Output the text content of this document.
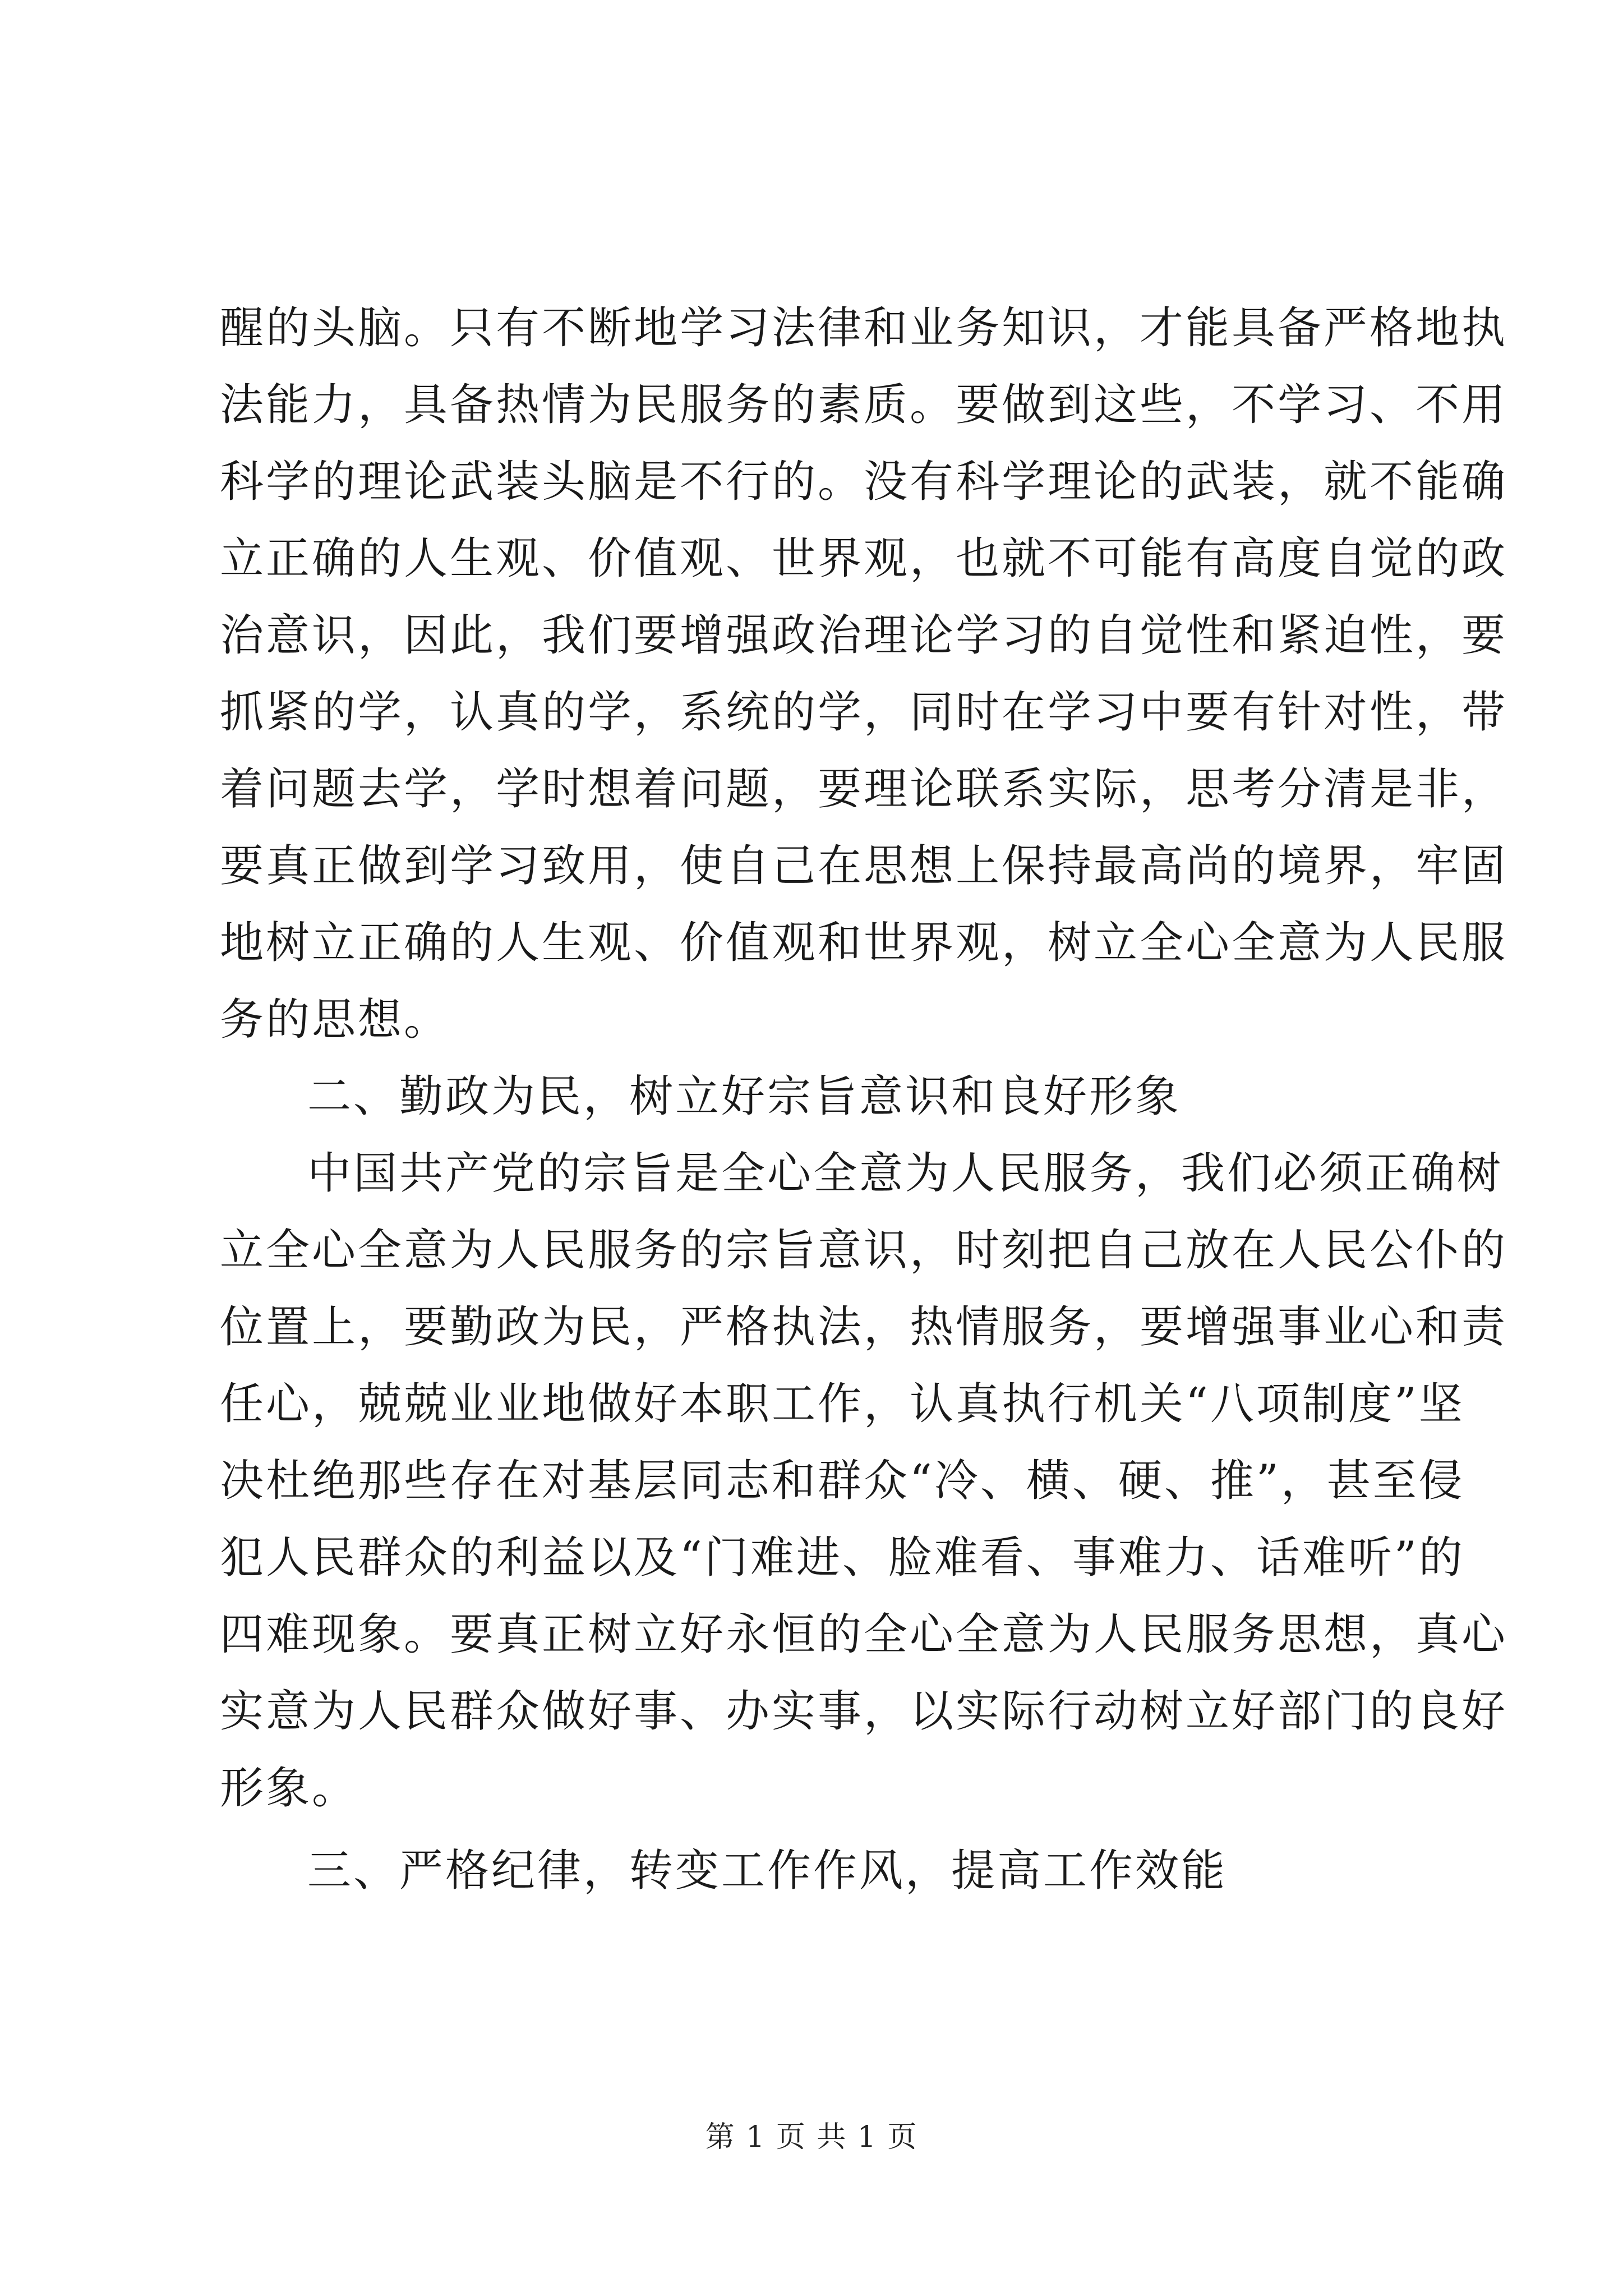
醒的头脑。只有不断地学习法律和业务知识，才能具备严格地执
法能力，具备热情为民服务的素质。要做到这些，不学习、不用
科学的理论武装头脑是不行的。没有科学理论的武装，就不能确
立正确的人生观、价值观、世界观，也就不可能有高度自觉的政
治意识，因此，我们要增强政治理论学习的自觉性和紧迫性，要
抓紧的学，认真的学，系统的学，同时在学习中要有针对性，带
着问题去学，学时想着问题，要理论联系实际，思考分清是非，
要真正做到学习致用，使自己在思想上保持最高尚的境界，牢固
地树立正确的人生观、价值观和世界观，树立全心全意为人民服
务的思想。
二、勤政为民，树立好宗旨意识和良好形象
中国共产党的宗旨是全心全意为人民服务，我们必须正确树
立全心全意为人民服务的宗旨意识，时刻把自己放在人民公仆的
位置上，要勤政为民，严格执法，热情服务，要增强事业心和责
任心，兢兢业业地做好本职工作，认真执行机关“八项制度”坚
决杜绝那些存在对基层同志和群众“冷、横、硬、推”，甚至侵
犯人民群众的利益以及“门难进、脸难看、事难力、话难听”的
四难现象。要真正树立好永恒的全心全意为人民服务思想，真心
实意为人民群众做好事、办实事，以实际行动树立好部门的良好
形象。
三、严格纪律，转变工作作风，提高工作效能
第 1 页 共 1 页
